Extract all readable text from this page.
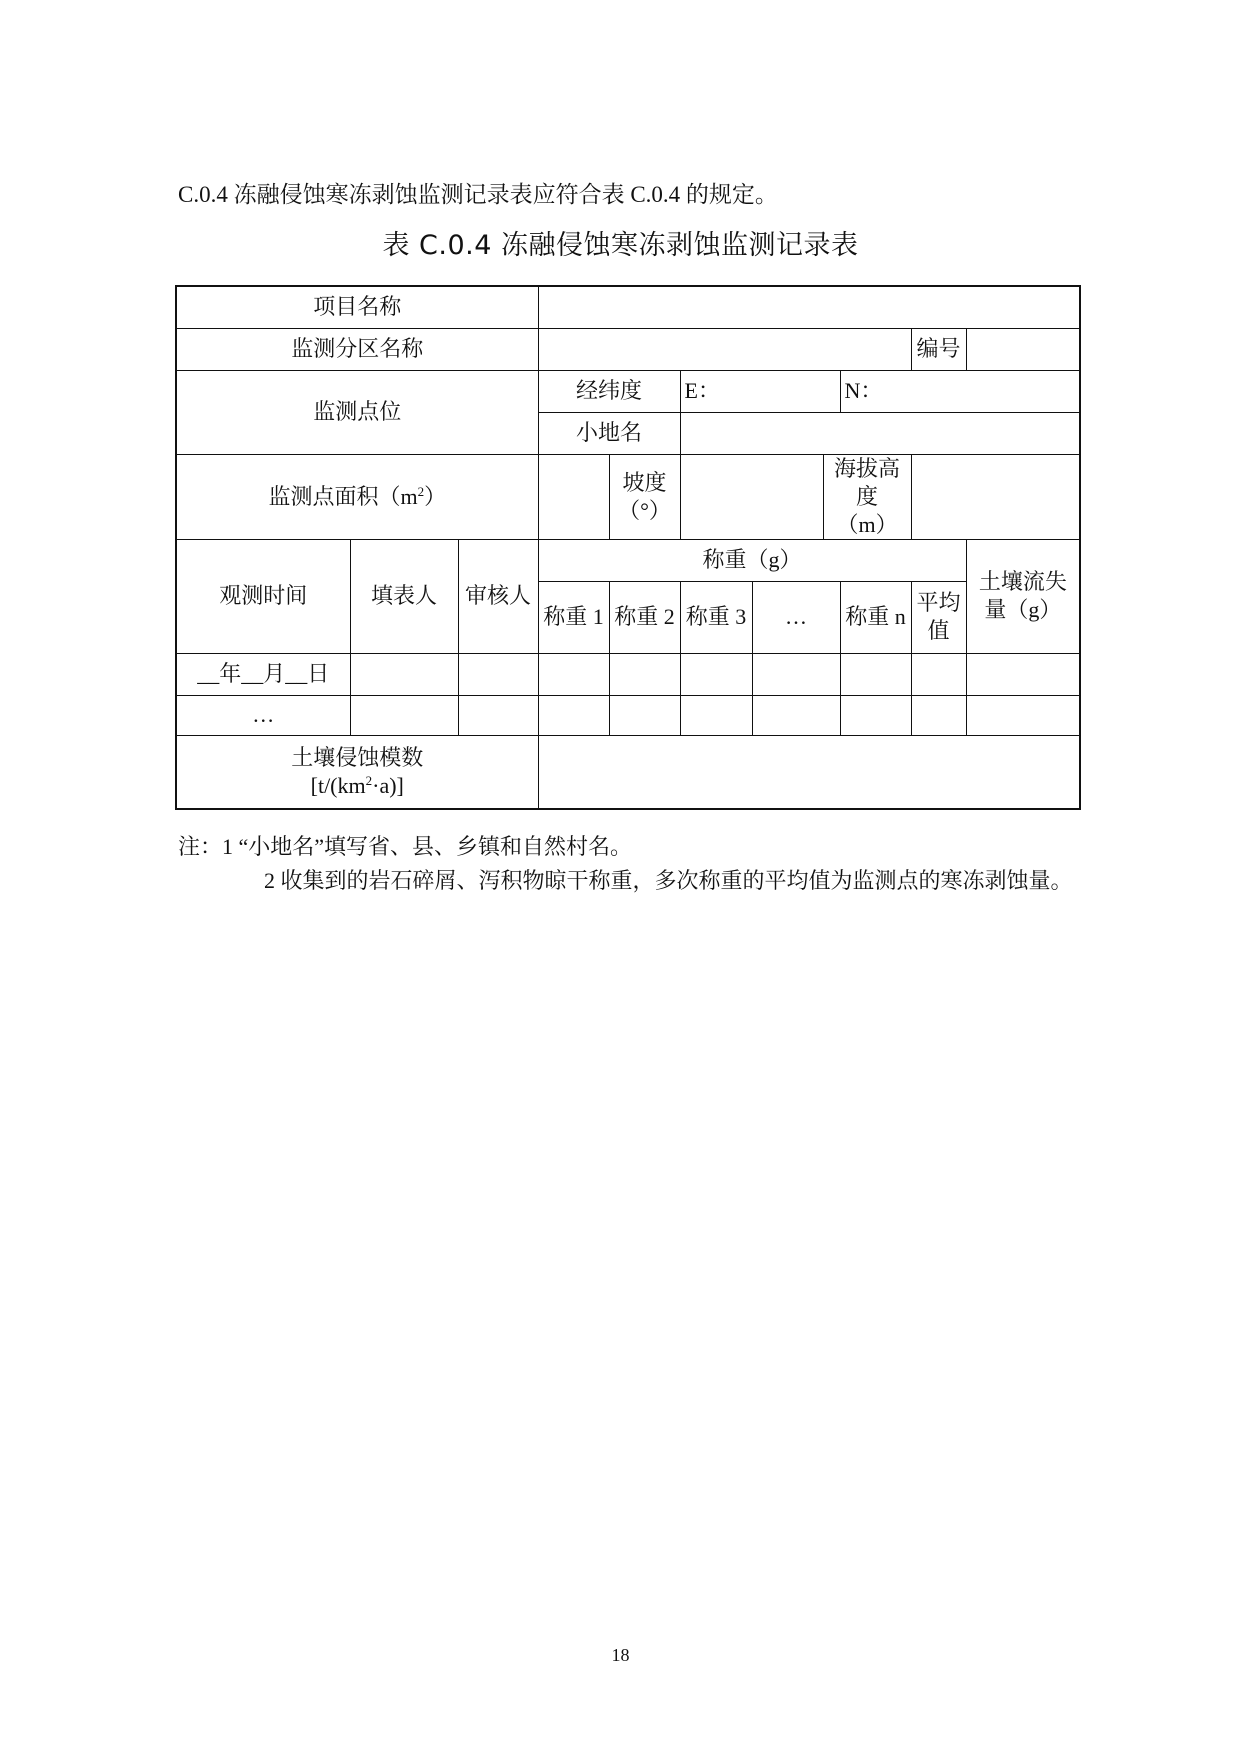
C.0.4 冻融侵蚀寒冻剥蚀监测记录表应符合表 C.0.4 的规定。
表 C.0.4 冻融侵蚀寒冻剥蚀监测记录表
项目名称										
监测分区名称									编号	
监测点位			经纬度		E：			N：		
			小地名							
监测点面积$(m^2)$				坡度（°）			海拔高度
（m）			

观测时间	填表人	审核人	称重（g）							土壤流失
量（g）

			称重 1	称重 2	称重 3	…		称重 n	平均
值	

__年__月__日										
…										

土壤侵蚀模数
$[t/(km^2\cdot a)]$										

注：1 “小地名”填写省、县、乡镇和自然村名。
2 收集到的岩石碎屑、泻积物晾干称重，多次称重的平均值为监测点的寒冻剥蚀量。
18
